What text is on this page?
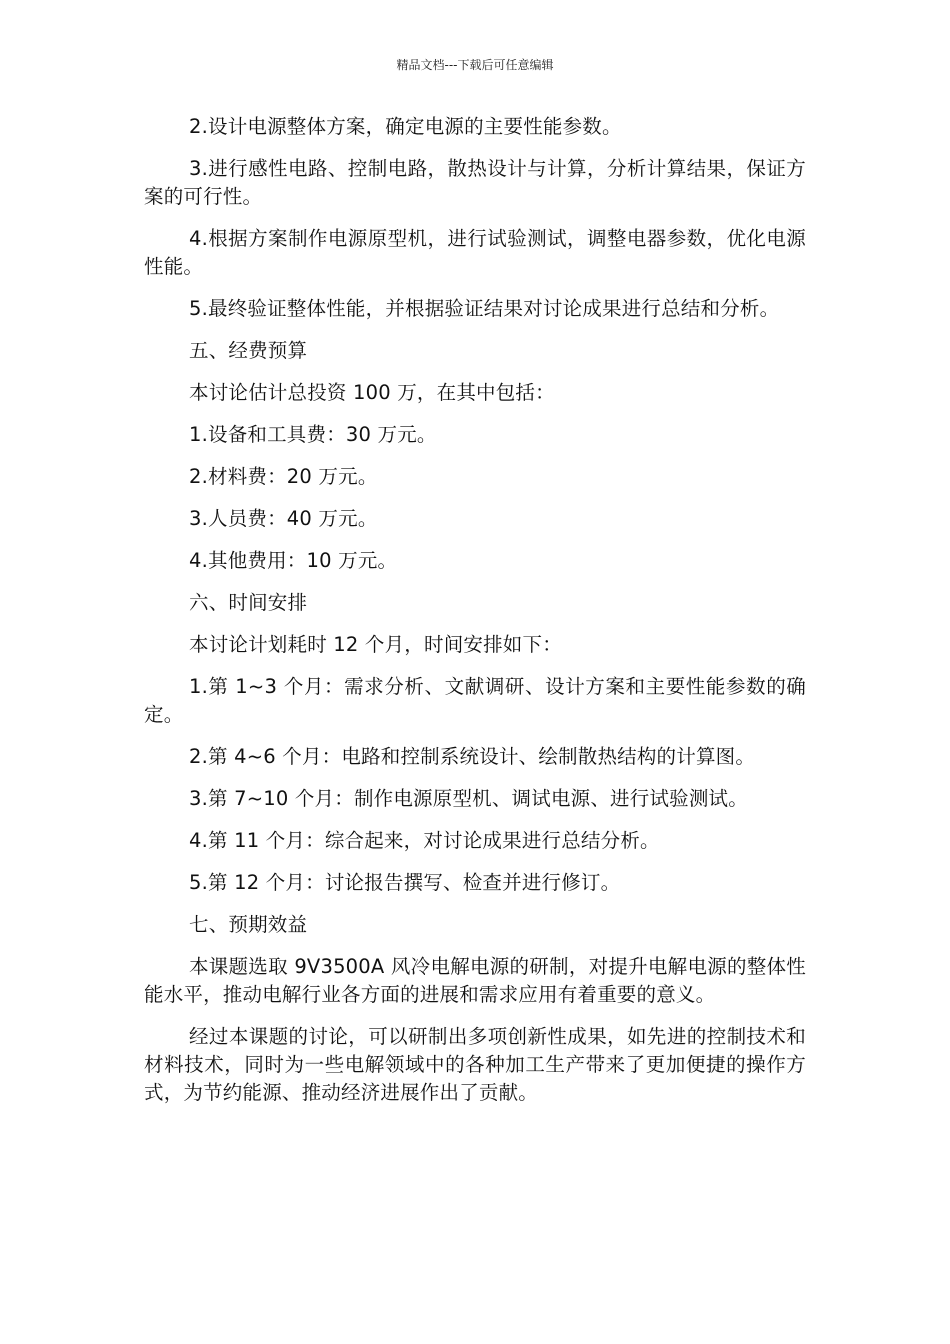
精品文档---下载后可任意编辑

2.设计电源整体方案，确定电源的主要性能参数。

3.进行感性电路、控制电路，散热设计与计算，分析计算结果，保证方案的可行性。

4.根据方案制作电源原型机，进行试验测试，调整电器参数，优化电源性能。

5.最终验证整体性能，并根据验证结果对讨论成果进行总结和分析。

五、经费预算

本讨论估计总投资 100 万，在其中包括：

1.设备和工具费：30 万元。

2.材料费：20 万元。

3.人员费：40 万元。

4.其他费用：10 万元。

六、时间安排

本讨论计划耗时 12 个月，时间安排如下：

1.第 1~3 个月：需求分析、文献调研、设计方案和主要性能参数的确定。

2.第 4~6 个月：电路和控制系统设计、绘制散热结构的计算图。

3.第 7~10 个月：制作电源原型机、调试电源、进行试验测试。

4.第 11 个月：综合起来，对讨论成果进行总结分析。

5.第 12 个月：讨论报告撰写、检查并进行修订。

七、预期效益

本课题选取 9V3500A 风冷电解电源的研制，对提升电解电源的整体性能水平，推动电解行业各方面的进展和需求应用有着重要的意义。

经过本课题的讨论，可以研制出多项创新性成果，如先进的控制技术和材料技术，同时为一些电解领域中的各种加工生产带来了更加便捷的操作方式，为节约能源、推动经济进展作出了贡献。
